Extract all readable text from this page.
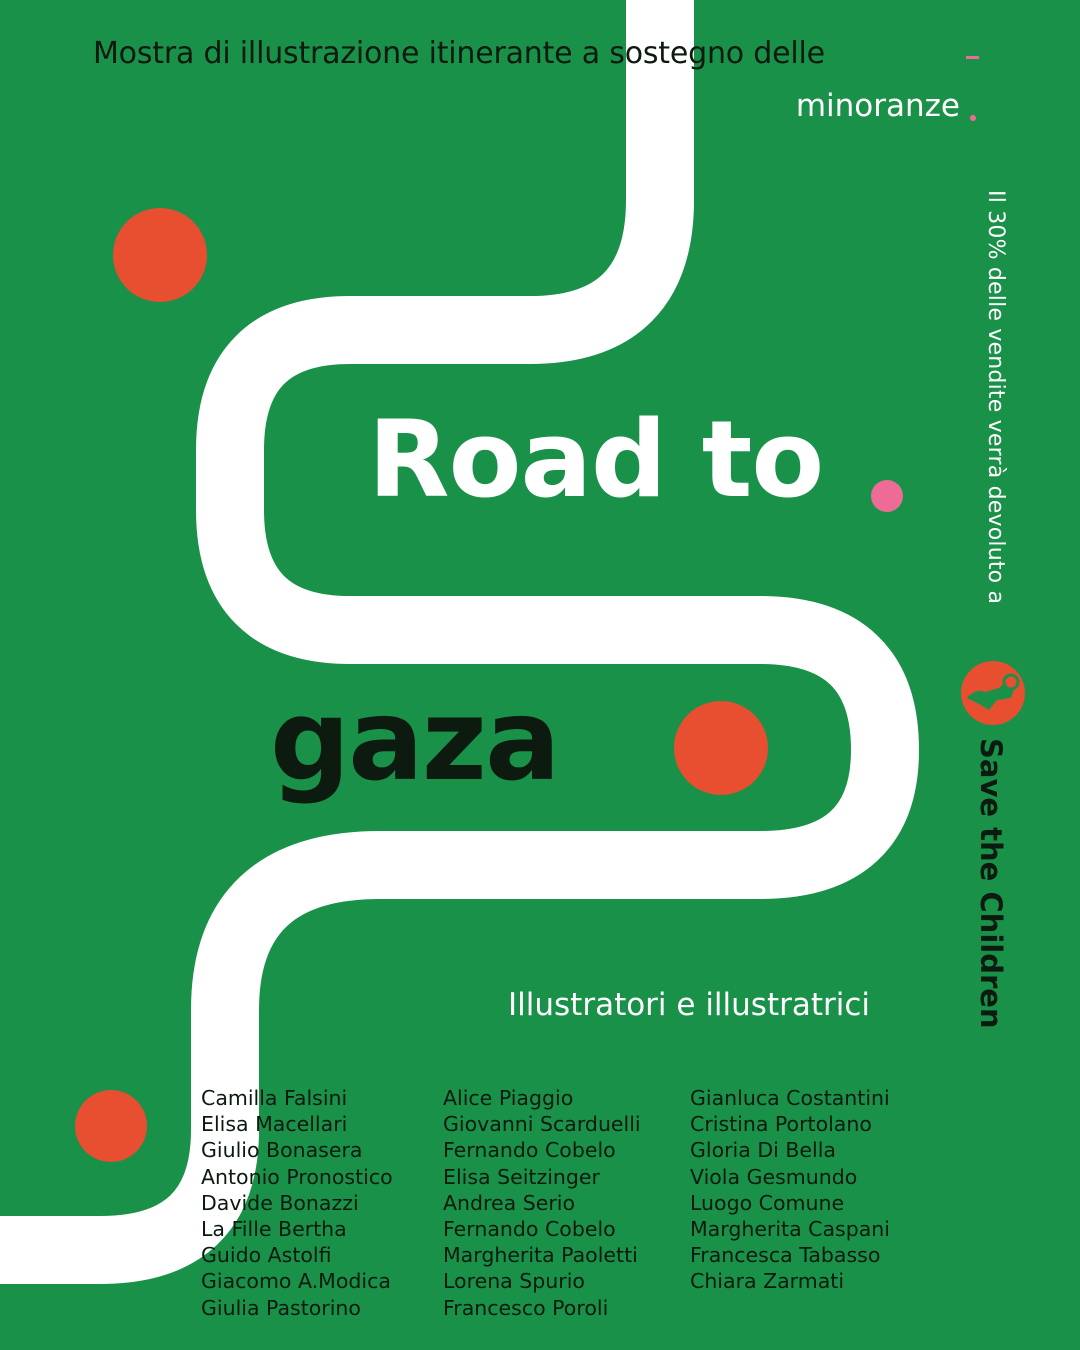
Mostra di illustrazione itinerante a sostegno delle
minoranze
Road to
gaza
Il 30% delle vendite verrà devoluto a
Save the Children
Illustratori e illustratrici
Camilla Falsini
Elisa Macellari
Giulio Bonasera
Antonio Pronostico
Davide Bonazzi
La Fille Bertha
Guido Astolfi
Giacomo A.Modica
Giulia Pastorino
Alice Piaggio
Giovanni Scarduelli
Fernando Cobelo
Elisa Seitzinger
Andrea Serio
Fernando Cobelo
Margherita Paoletti
Lorena Spurio
Francesco Poroli
Gianluca Costantini
Cristina Portolano
Gloria Di Bella
Viola Gesmundo
Luogo Comune
Margherita Caspani
Francesca Tabasso
Chiara Zarmati
